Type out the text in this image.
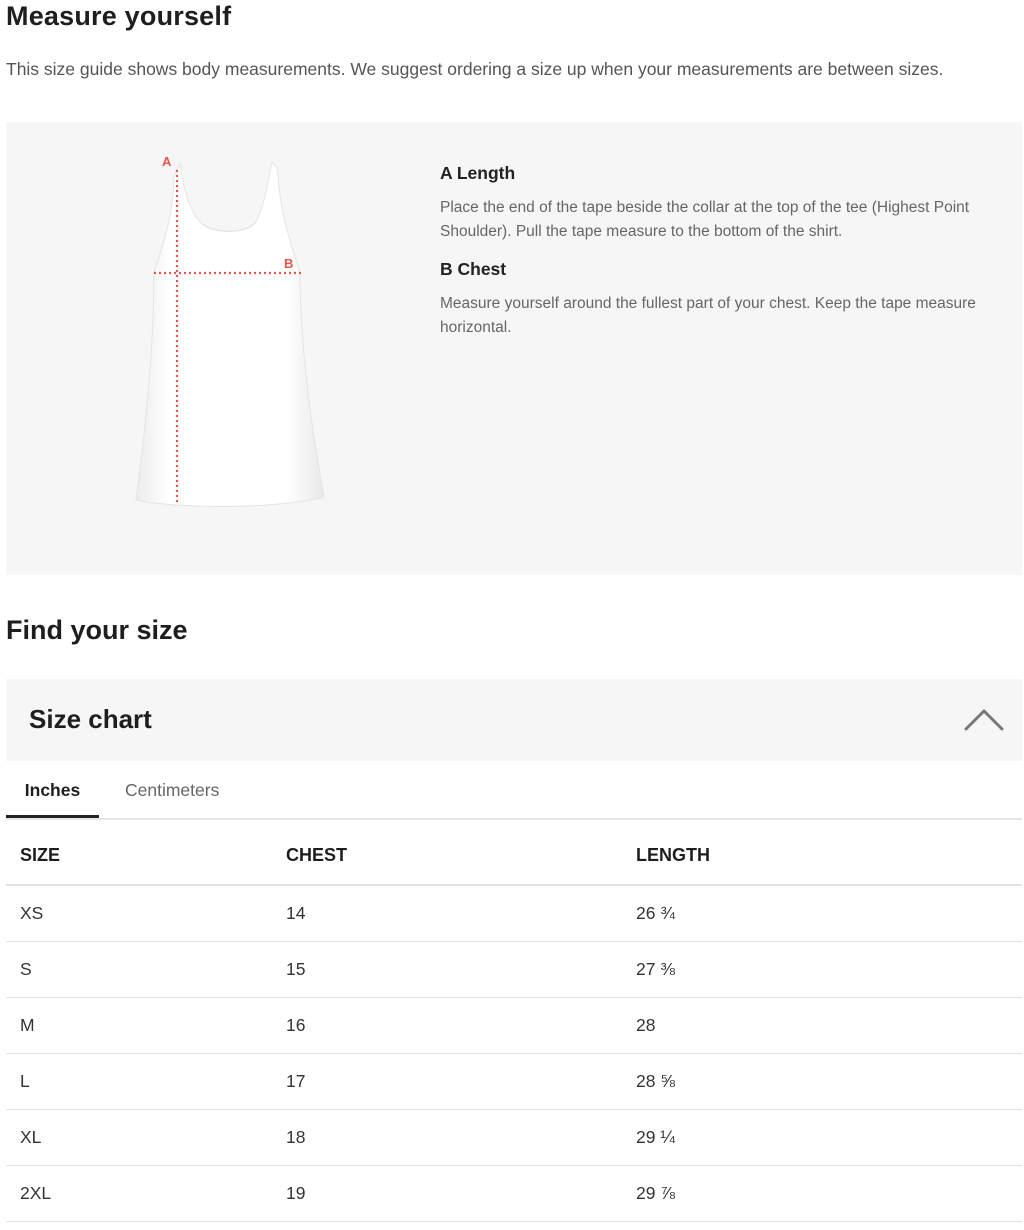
Measure yourself
This size guide shows body measurements. We suggest ordering a size up when your measurements are between sizes.
A
B
A Length
Place the end of the tape beside the collar at the top of the tee (Highest Point Shoulder). Pull the tape measure to the bottom of the shirt.
B Chest
Measure yourself around the fullest part of your chest. Keep the tape measure horizontal.
Find your size
Size chart
Inches	Centimeters
SIZE	CHEST	LENGTH
XS	14	26 ¾
S	15	27 ⅜
M	16	28
L	17	28 ⅝
XL	18	29 ¼
2XL	19	29 ⅞
